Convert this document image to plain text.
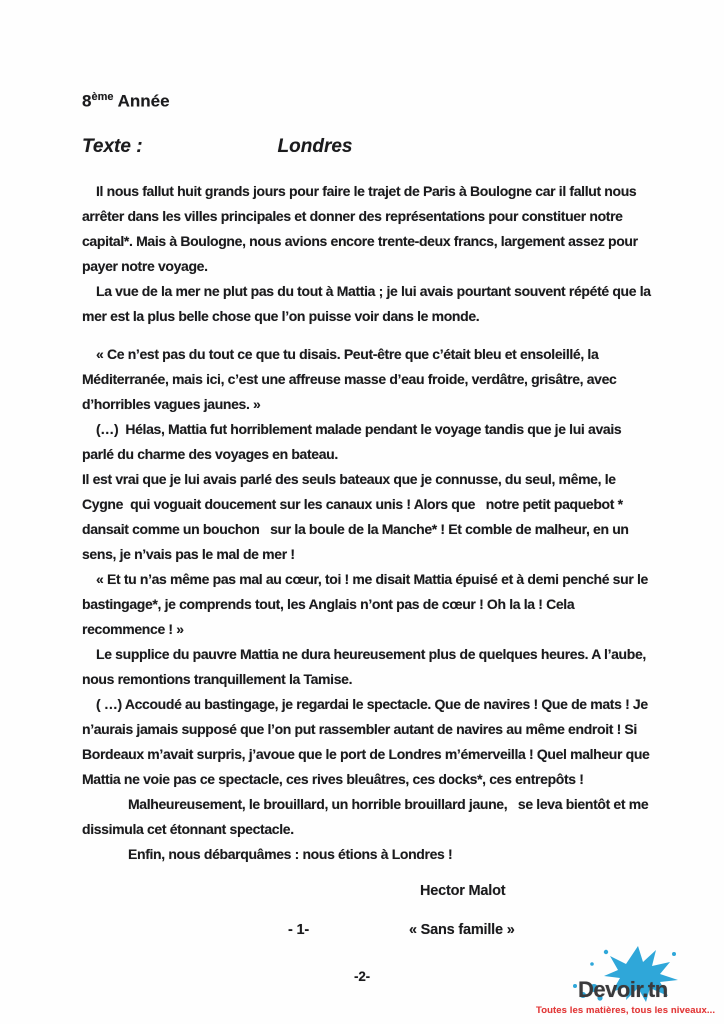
8ème Année
Texte :	Londres

Il nous fallut huit grands jours pour faire le trajet de Paris à Boulogne car il fallut nous arrêter dans les villes principales et donner des représentations pour constituer notre capital*. Mais à Boulogne, nous avions encore trente-deux francs, largement assez pour payer notre voyage.

La vue de la mer ne plut pas du tout à Mattia ; je lui avais pourtant souvent répété que la mer est la plus belle chose que l’on puisse voir dans le monde.

« Ce n’est pas du tout ce que tu disais. Peut-être que c’était bleu et ensoleillé, la Méditerranée, mais ici, c’est une affreuse masse d’eau froide, verdâtre, grisâtre, avec d’horribles vagues jaunes. »

(…)  Hélas, Mattia fut horriblement malade pendant le voyage tandis que je lui avais parlé du charme des voyages en bateau.

Il est vrai que je lui avais parlé des seuls bateaux que je connusse, du seul, même, le Cygne  qui voguait doucement sur les canaux unis ! Alors que   notre petit paquebot * dansait comme un bouchon   sur la boule de la Manche* ! Et comble de malheur, en un sens, je n’vais pas le mal de mer !

« Et tu n’as même pas mal au cœur, toi ! me disait Mattia épuisé et à demi penché sur le bastingage*, je comprends tout, les Anglais n’ont pas de cœur ! Oh la la ! Cela recommence ! »

Le supplice du pauvre Mattia ne dura heureusement plus de quelques heures. A l’aube, nous remontions tranquillement la Tamise.

( …) Accoudé au bastingage, je regardai le spectacle. Que de navires ! Que de mats ! Je n’aurais jamais supposé que l’on put rassembler autant de navires au même endroit ! Si Bordeaux m’avait surpris, j’avoue que le port de Londres m’émerveilla ! Quel malheur que Mattia ne voie pas ce spectacle, ces rives bleuâtres, ces docks*, ces entrepôts !

Malheureusement, le brouillard, un horrible brouillard jaune,   se leva bientôt et me dissimula cet étonnant spectacle.

Enfin, nous débarquâmes : nous étions à Londres !

Hector Malot
- 1-	« Sans famille »
-2-
Devoir.tn
Toutes les matières, tous les niveaux...
